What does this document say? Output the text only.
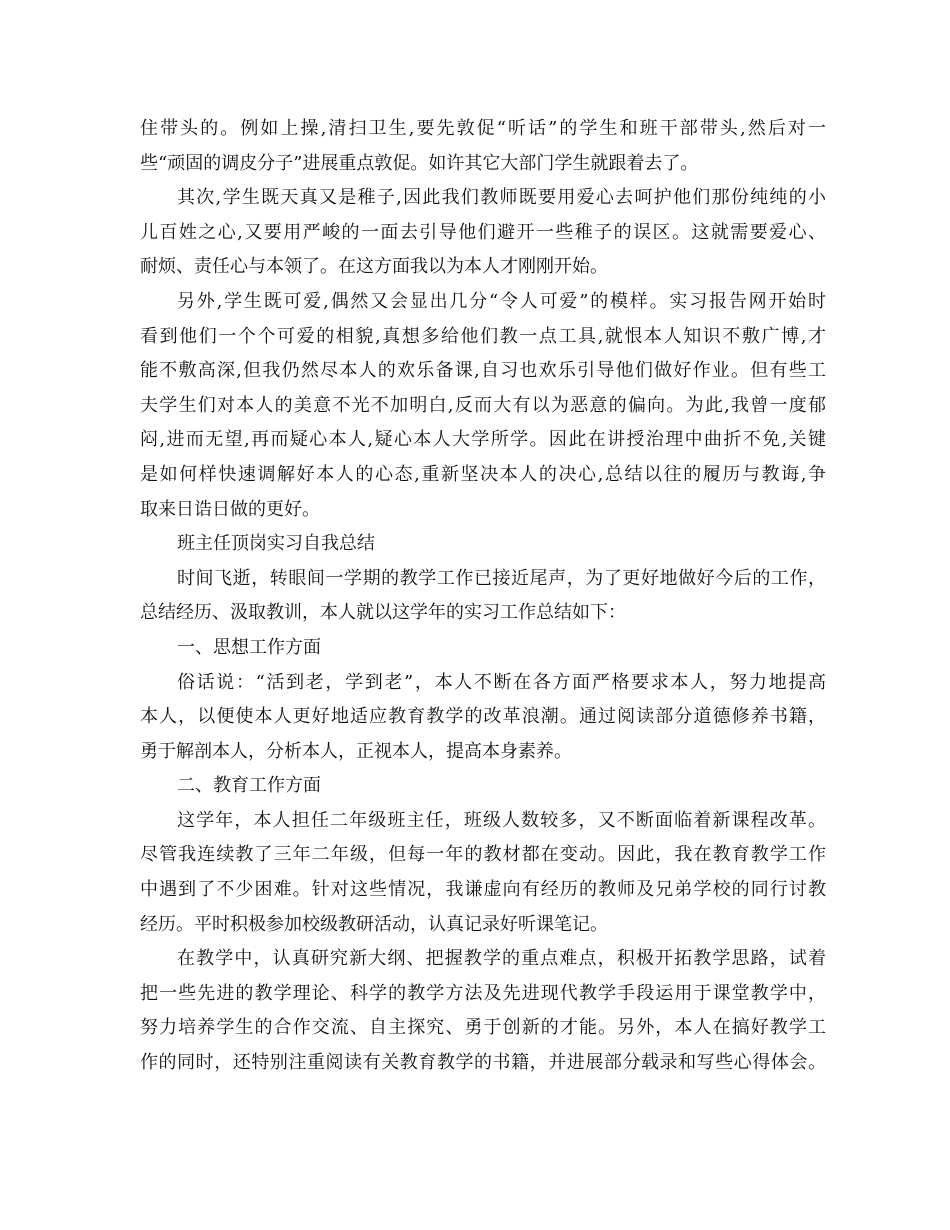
住带头的。例如上操,清扫卫生,要先敦促“听话”的学生和班干部带头,然后对一
些“顽固的调皮分子”进展重点敦促。如许其它大部门学生就跟着去了。
其次,学生既天真又是稚子,因此我们教师既要用爱心去呵护他们那份纯纯的小
儿百姓之心,又要用严峻的一面去引导他们避开一些稚子的误区。这就需要爱心、
耐烦、责任心与本领了。在这方面我以为本人才刚刚开始。
另外,学生既可爱,偶然又会显出几分“令人可爱”的模样。实习报告网开始时
看到他们一个个可爱的相貌,真想多给他们教一点工具,就恨本人知识不敷广博,才
能不敷高深,但我仍然尽本人的欢乐备课,自习也欢乐引导他们做好作业。但有些工
夫学生们对本人的美意不光不加明白,反而大有以为恶意的偏向。为此,我曾一度郁
闷,进而无望,再而疑心本人,疑心本人大学所学。因此在讲授治理中曲折不免,关键
是如何样快速调解好本人的心态,重新坚决本人的决心,总结以往的履历与教诲,争
取来日诰日做的更好。
班主任顶岗实习自我总结
时间飞逝，转眼间一学期的教学工作已接近尾声，为了更好地做好今后的工作，
总结经历、汲取教训，本人就以这学年的实习工作总结如下：
一、思想工作方面
俗话说：“活到老，学到老”，本人不断在各方面严格要求本人，努力地提高
本人，以便使本人更好地适应教育教学的改革浪潮。通过阅读部分道德修养书籍，
勇于解剖本人，分析本人，正视本人，提高本身素养。
二、教育工作方面
这学年，本人担任二年级班主任，班级人数较多，又不断面临着新课程改革。
尽管我连续教了三年二年级，但每一年的教材都在变动。因此，我在教育教学工作
中遇到了不少困难。针对这些情况，我谦虚向有经历的教师及兄弟学校的同行讨教
经历。平时积极参加校级教研活动，认真记录好听课笔记。
在教学中，认真研究新大纲、把握教学的重点难点，积极开拓教学思路，试着
把一些先进的教学理论、科学的教学方法及先进现代教学手段运用于课堂教学中，
努力培养学生的合作交流、自主探究、勇于创新的才能。另外，本人在搞好教学工
作的同时，还特别注重阅读有关教育教学的书籍，并进展部分载录和写些心得体会。
